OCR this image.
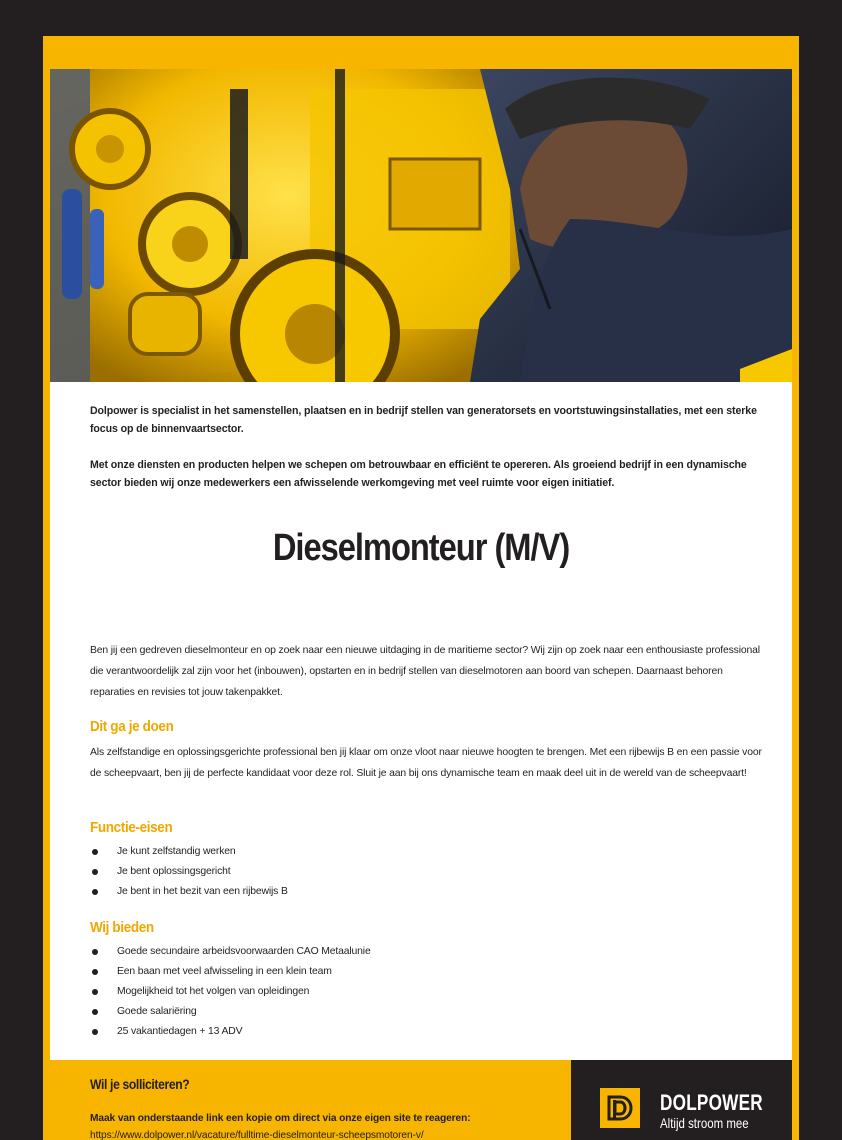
Dolpower is specialist in het samenstellen, plaatsen en in bedrijf stellen van generatorsets en voortstuwingsinstallaties, met een sterke focus op de binnenvaartsector.

Met onze diensten en producten helpen we schepen om betrouwbaar en efficiënt te opereren. Als groeiend bedrijf in een dynamische sector bieden wij onze medewerkers een afwisselende werkomgeving met veel ruimte voor eigen initiatief.

Dieselmonteur (M/V)
Ben jij een gedreven dieselmonteur en op zoek naar een nieuwe uitdaging in de maritieme sector? Wij zijn op zoek naar een enthousiaste professional die verantwoordelijk zal zijn voor het (inbouwen), opstarten en in bedrijf stellen van dieselmotoren aan boord van schepen. Daarnaast behoren reparaties en revisies tot jouw takenpakket.
Dit ga je doen
Als zelfstandige en oplossingsgerichte professional ben jij klaar om onze vloot naar nieuwe hoogten te brengen. Met een rijbewijs B en een passie voor de scheepvaart, ben jij de perfecte kandidaat voor deze rol. Sluit je aan bij ons dynamische team en maak deel uit in de wereld van de scheepvaart!
Functie-eisen
Je kunt zelfstandig werken
Je bent oplossingsgericht
Je bent in het bezit van een rijbewijs B
Wij bieden
Goede secundaire arbeidsvoorwaarden CAO Metaalunie
Een baan met veel afwisseling in een klein team
Mogelijkheid tot het volgen van opleidingen
Goede salariëring
25 vakantiedagen + 13 ADV
Wil je solliciteren?
Maak van onderstaande link een kopie om direct via onze eigen site te reageren:
https://www.dolpower.nl/vacature/fulltime-dieselmonteur-scheepsmotoren-v/
DOLPOWER
Altijd stroom mee
